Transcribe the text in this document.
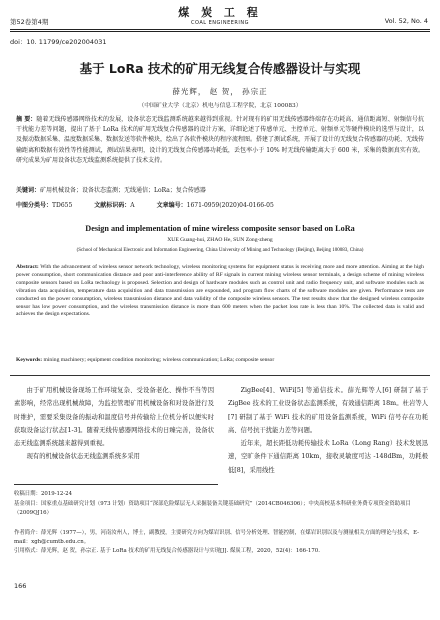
煤 炭 工 程
COAL ENGINEERING
第52卷第4期	Vol. 52, No. 4
doi：10. 11799/ce202004031
基于 LoRa 技术的矿用无线复合传感器设计与实现
薛光辉， 赵 贺， 孙宗正
（中国矿业大学（北京）机电与信息工程学院，北京 100083）
摘 要：随着无线传感器网络技术的发展，设备状态无线监测系统越来越得到重视。针对现有的矿用无线传感器终端存在功耗高、通信距离短、射频信号抗干扰能力差等问题，提出了基于 LoRa 技术的矿用无线复合传感器的设计方案，详细论述了传感单元、主控单元、射频单元等硬件模块的选型与设计，以及振动数据采集、温度数据采集、数据发送等软件模块，绘出了各软件模块的程序流程图。搭建了测试系统，开展了设计的无线复合传感器的功耗、无线传输距离和数据有效性等性能测试，测试结果表明，设计的无线复合传感器功耗低，丢包率小于 10% 时无线传输距离大于 600 米，采集的数据真实有效。研究成果为矿用设备状态无线监测系统提供了技术支持。
关键词：矿用机械设备；设备状态监测；无线通信；LoRa；复合传感器
中图分类号：TD655	文献标识码：A	文章编号：1671-0959(2020)04-0166-05
Design and implementation of mine wireless composite sensor based on LoRa
XUE Guang-hui, ZHAO He, SUN Zong-zheng
(School of Mechanical Electronic and Information Engineering, China University of Mining and Technology (Beijing), Beijing 100083, China)
Abstract: With the advancement of wireless sensor network technology, wireless monitoring systems for equipment status is receiving more and more attention. Aiming at the high power consumption, short communication distance and poor anti-interference ability of RF signals in current mining wireless sensor terminals, a design scheme of mining wireless composite sensors based on LoRa technology is proposed. Selection and design of hardware modules such as control unit and radio frequency unit, and software modules such as vibration data acquisition, temperature data acquisition and data transmission are expounded, and program flow charts of the software modules are given. Performance tests are conducted on the power consumption, wireless transmission distance and data validity of the composite wireless sensors. The test results show that the designed wireless composite sensor has low power consumption, and the wireless transmission distance is more than 600 meters when the packet loss rate is less than 10%. The collected data is valid and achieves the design expectations.
Keywords: mining machinery; equipment condition monitoring; wireless communication; LoRa; composite sensor
由于矿用机械设备现场工作环境复杂、受设备老化、操作不当等因素影响，经常出现机械故障，为监控管理矿用机械设备和对设备进行及时维护，需要采集设备的振动和温度信号并传输给上位机分析以便实时获取设备运行状态[1-3]。随着无线传感器网络技术的日臻完善，设备状态无线监测系统越来越得到重视。
现有的机械设备状态无线监测系统多采用
ZigBee[4]、WiFi[5] 等通信技术。薛光辉等人[6] 研制了基于 ZigBee 技术的工业设备状态监测系统，有效通信距离 18m。杜岩等人[7] 研制了基于 WiFi 技术的矿用设备监测系统，WiFi 信号存在功耗高、信号抗干扰能力差等问题。
近年来，超长距低功耗传输技术 LoRa（Long Rang）技术发展迅速，空旷条件下通信距离 10km，接收灵敏度可达 -148dBm，功耗极低[8]，采用线性
收稿日期：2019-12-24
基金项目：国家重点基础研究计划（973 计划）资助项目“深部危险煤层无人采掘装备关键基础研究”（2014CB046306）；中央高校基本科研业务费专项资金资助项目（2009QJ16）
作者简介：薛光辉（1977—），男，河南汝州人，博士，副教授，主要研究方向为煤岩识别、信号分析处理、智能控制，在煤岩识别以及与测量相关方面的理论与技术，E-mail：xgh@cumtb.edu.cn。
引用格式：薛光辉，赵 贺，孙宗正. 基于 LoRa 技术的矿用无线复合传感器设计与实现[J]. 煤炭工程，2020，52(4)：166-170.
166
